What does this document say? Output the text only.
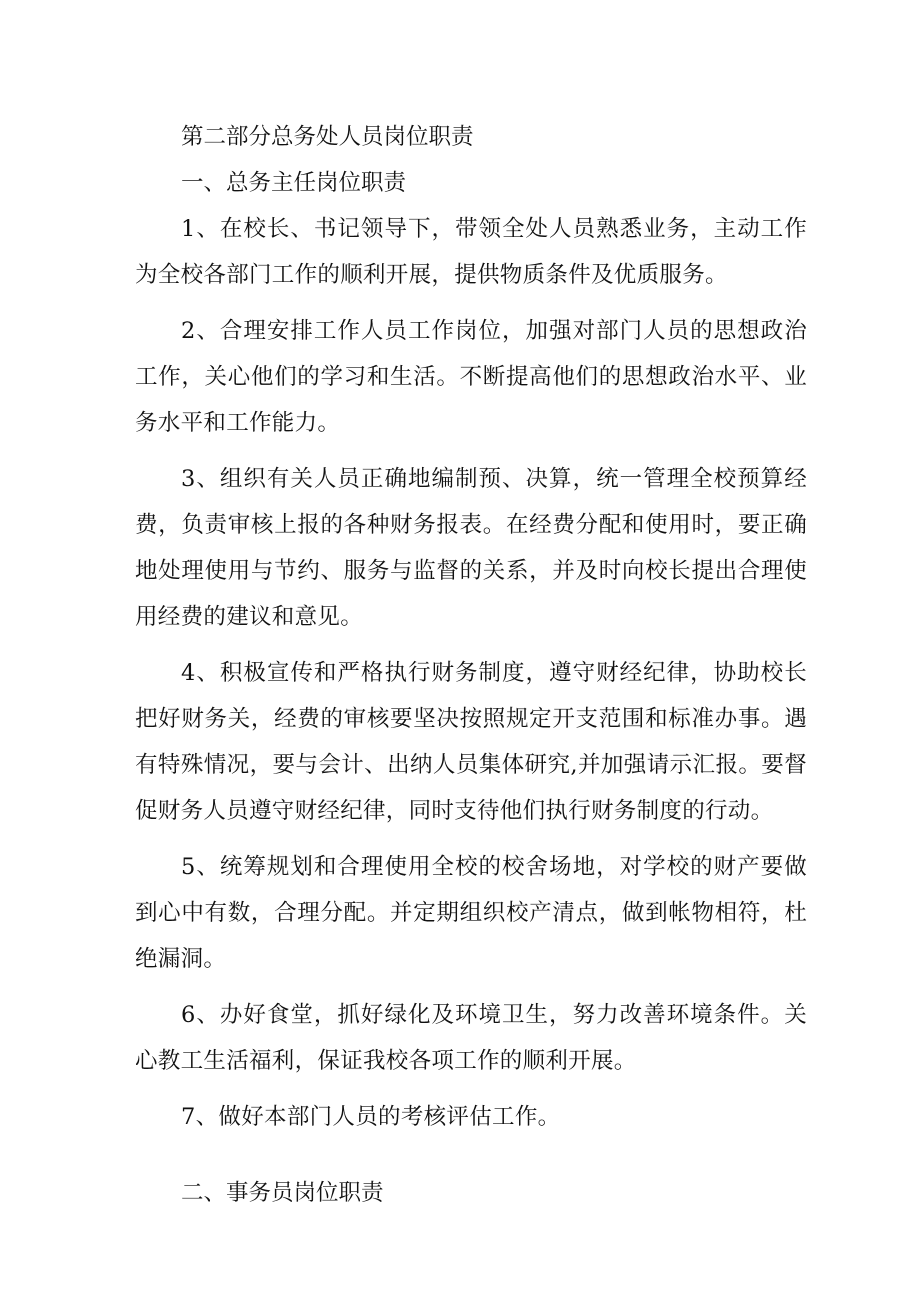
第二部分总务处人员岗位职责

一、总务主任岗位职责

1、在校长、书记领导下，带领全处人员熟悉业务，主动工作为全校各部门工作的顺利开展，提供物质条件及优质服务。

2、合理安排工作人员工作岗位，加强对部门人员的思想政治工作，关心他们的学习和生活。不断提高他们的思想政治水平、业务水平和工作能力。

3、组织有关人员正确地编制预、决算，统一管理全校预算经费，负责审核上报的各种财务报表。在经费分配和使用时，要正确地处理使用与节约、服务与监督的关系，并及时向校长提出合理使用经费的建议和意见。

4、积极宣传和严格执行财务制度，遵守财经纪律，协助校长把好财务关，经费的审核要坚决按照规定开支范围和标准办事。遇有特殊情况，要与会计、出纳人员集体研究,并加强请示汇报。要督促财务人员遵守财经纪律，同时支待他们执行财务制度的行动。

5、统筹规划和合理使用全校的校舍场地，对学校的财产要做到心中有数，合理分配。并定期组织校产清点，做到帐物相符，杜绝漏洞。

6、办好食堂，抓好绿化及环境卫生，努力改善环境条件。关心教工生活福利，保证我校各项工作的顺利开展。

7、做好本部门人员的考核评估工作。

二、事务员岗位职责
